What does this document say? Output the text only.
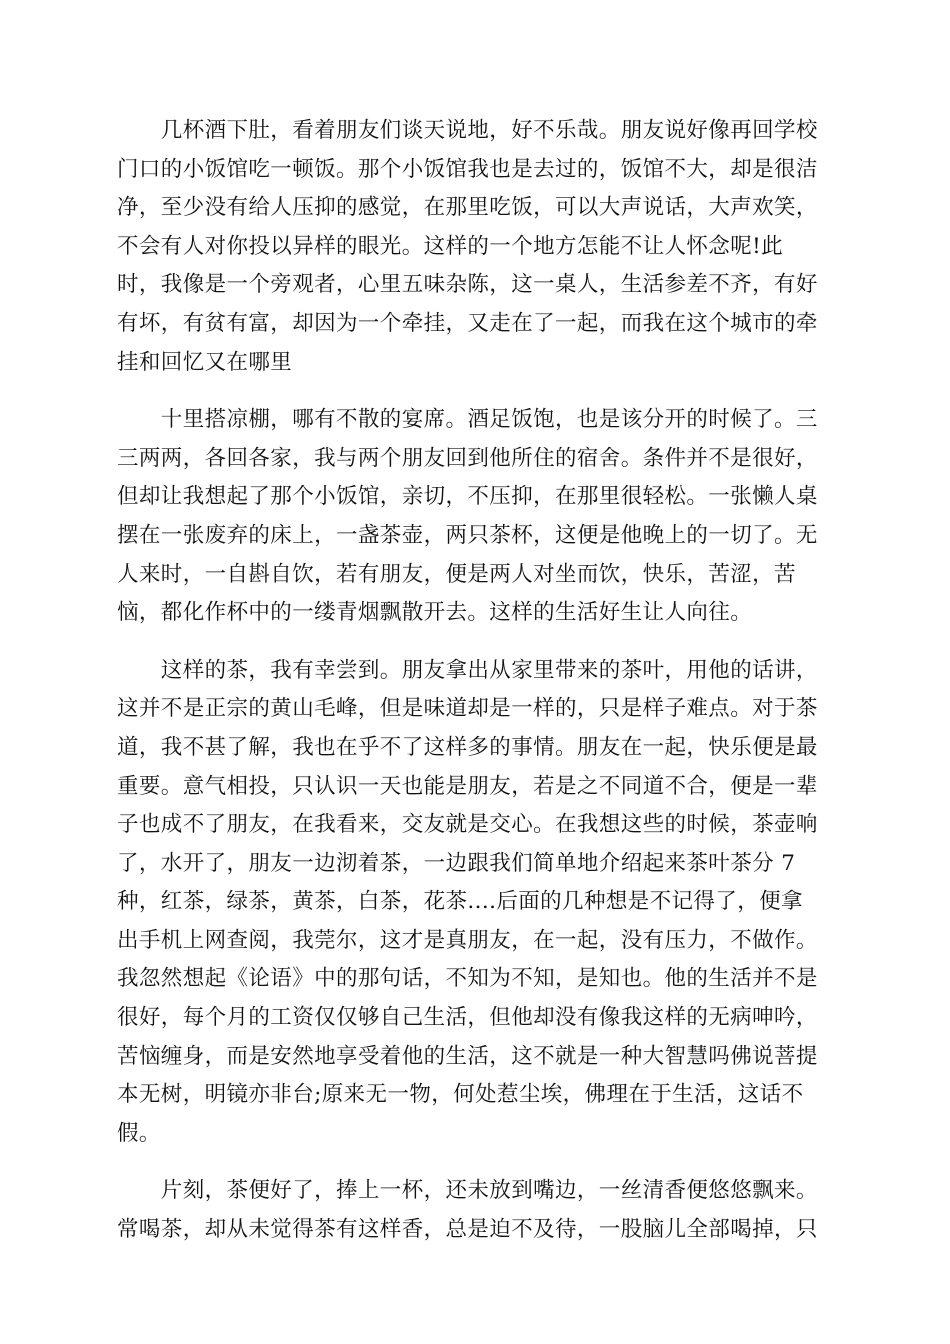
　　几杯酒下肚，看着朋友们谈天说地，好不乐哉。朋友说好像再回学校
门口的小饭馆吃一顿饭。那个小饭馆我也是去过的，饭馆不大，却是很洁
净，至少没有给人压抑的感觉，在那里吃饭，可以大声说话，大声欢笑，
不会有人对你投以异样的眼光。这样的一个地方怎能不让人怀念呢!此
时，我像是一个旁观者，心里五味杂陈，这一桌人，生活参差不齐，有好
有坏，有贫有富，却因为一个牵挂，又走在了一起，而我在这个城市的牵
挂和回忆又在哪里
　　十里搭凉棚，哪有不散的宴席。酒足饭饱，也是该分开的时候了。三
三两两，各回各家，我与两个朋友回到他所住的宿舍。条件并不是很好，
但却让我想起了那个小饭馆，亲切，不压抑，在那里很轻松。一张懒人桌
摆在一张废弃的床上，一盏茶壶，两只茶杯，这便是他晚上的一切了。无
人来时，一自斟自饮，若有朋友，便是两人对坐而饮，快乐，苦涩，苦
恼，都化作杯中的一缕青烟飘散开去。这样的生活好生让人向往。
　　这样的茶，我有幸尝到。朋友拿出从家里带来的茶叶，用他的话讲，
这并不是正宗的黄山毛峰，但是味道却是一样的，只是样子难点。对于茶
道，我不甚了解，我也在乎不了这样多的事情。朋友在一起，快乐便是最
重要。意气相投，只认识一天也能是朋友，若是之不同道不合，便是一辈
子也成不了朋友，在我看来，交友就是交心。在我想这些的时候，茶壶响
了，水开了，朋友一边沏着茶，一边跟我们简单地介绍起来茶叶茶分 7
种，红茶，绿茶，黄茶，白茶，花茶....后面的几种想是不记得了，便拿
出手机上网查阅，我莞尔，这才是真朋友，在一起，没有压力，不做作。
我忽然想起《论语》中的那句话，不知为不知，是知也。他的生活并不是
很好，每个月的工资仅仅够自己生活，但他却没有像我这样的无病呻吟，
苦恼缠身，而是安然地享受着他的生活，这不就是一种大智慧吗佛说菩提
本无树，明镜亦非台;原来无一物，何处惹尘埃，佛理在于生活，这话不
假。
　　片刻，茶便好了，捧上一杯，还未放到嘴边，一丝清香便悠悠飘来。
常喝茶，却从未觉得茶有这样香，总是迫不及待，一股脑儿全部喝掉，只
